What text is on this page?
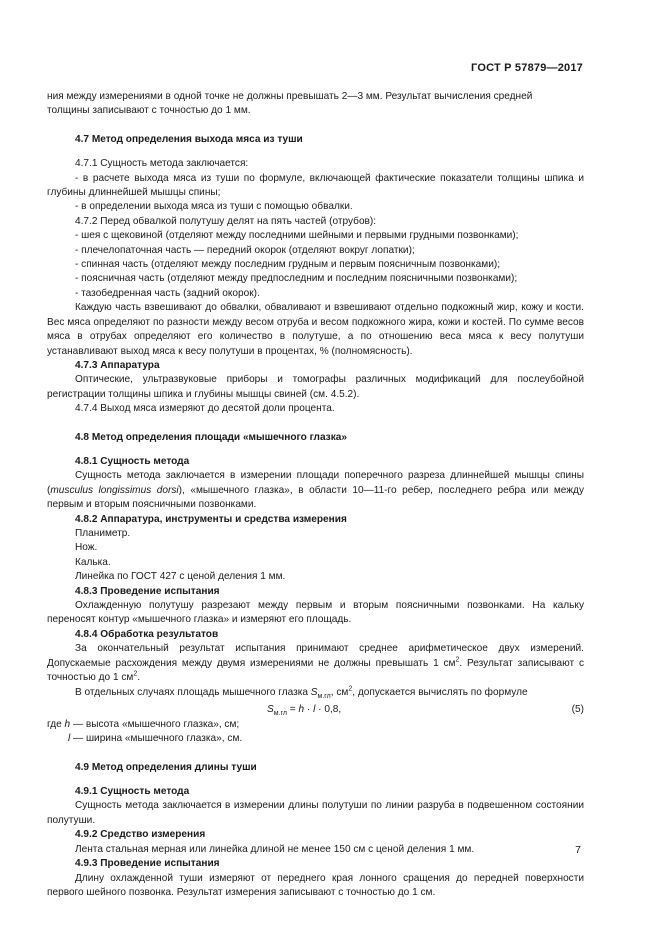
ГОСТ Р 57879—2017

ния между измерениями в одной точке не должны превышать 2—3 мм. Результат вычисления средней

толщины записывают с точностью до 1 мм.

4.7 Метод определения выхода мяса из туши

4.7.1 Сущность метода заключается:

- в расчете выхода мяса из туши по формуле, включающей фактические показатели толщины шпика и глубины длиннейшей мышцы спины;

- в определении выхода мяса из туши с помощью обвалки.

4.7.2 Перед обвалкой полутушу делят на пять частей (отрубов):

- шея с щековиной (отделяют между последними шейными и первыми грудными позвонками);

- плечелопаточная часть — передний окорок (отделяют вокруг лопатки);

- спинная часть (отделяют между последним грудным и первым поясничным позвонками);

- поясничная часть (отделяют между предпоследним и последним поясничными позвонками);

- тазобедренная часть (задний окорок).

Каждую часть взвешивают до обвалки, обваливают и взвешивают отдельно подкожный жир, кожу и кости. Вес мяса определяют по разности между весом отруба и весом подкожного жира, кожи и костей. По сумме весов мяса в отрубах определяют его количество в полутуше, а по отношению веса мяса к весу полутуши устанавливают выход мяса к весу полутуши в процентах, % (полномясность).

4.7.3 Аппаратура

Оптические, ультразвуковые приборы и томографы различных модификаций для послеубойной регистрации толщины шпика и глубины мышцы свиней (см. 4.5.2).

4.7.4 Выход мяса измеряют до десятой доли процента.

4.8 Метод определения площади «мышечного глазка»
4.8.1 Сущность метода

Сущность метода заключается в измерении площади поперечного разреза длиннейшей мышцы спины (musculus longissimus dorsi), «мышечного глазка», в области 10—11-го ребер, последнего ребра или между первым и вторым поясничными позвонками.

4.8.2 Аппаратура, инструменты и средства измерения

Планиметр.

Нож.

Калька.

Линейка по ГОСТ 427 с ценой деления 1 мм.

4.8.3 Проведение испытания

Охлажденную полутушу разрезают между первым и вторым поясничными позвонками. На кальку переносят контур «мышечного глазка» и измеряют его площадь.

4.8.4 Обработка результатов

За окончательный результат испытания принимают среднее арифметическое двух измерений. Допускаемые расхождения между двумя измерениями не должны превышать 1 $см^2$. Результат записывают с точностью до 1 $см^2$.

В отдельных случаях площадь мышечного глазка $S_{м.гл}$, $см^2$, допускается вычислять по формуле

$S_{м.гл} = h \cdot l \cdot 0,8$,	(5)
где h — высота «мышечного глазка», см;
l — ширина «мышечного глазка», см.
4.9 Метод определения длины туши
4.9.1 Сущность метода

Сущность метода заключается в измерении длины полутуши по линии разруба в подвешенном состоянии полутуши.

4.9.2 Средство измерения

Лента стальная мерная или линейка длиной не менее 150 см с ценой деления 1 мм.

4.9.3 Проведение испытания

Длину охлажденной туши измеряют от переднего края лонного сращения до передней поверхности первого шейного позвонка. Результат измерения записывают с точностью до 1 см.

7
